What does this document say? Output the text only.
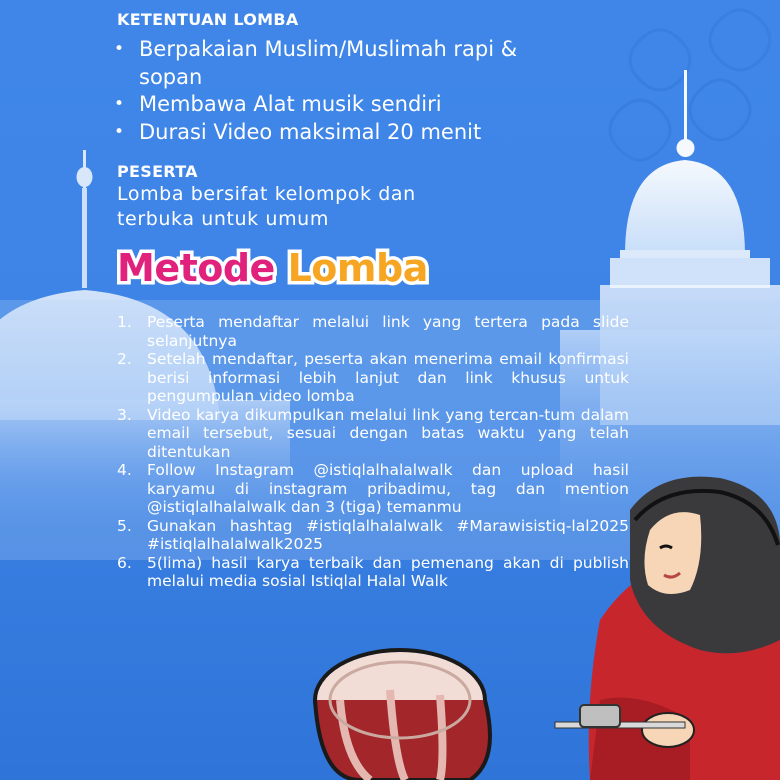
KETENTUAN LOMBA
• Berpakaian Muslim/Muslimah rapi & sopan
• Membawa Alat musik sendiri
• Durasi Video maksimal 20 menit
PESERTA
Lomba bersifat kelompok dan terbuka untuk umum
Metode Lomba
1. Peserta mendaftar melalui link yang tertera pada slide selanjutnya
2. Setelah mendaftar, peserta akan menerima email konfirmasi berisi informasi lebih lanjut dan link khusus untuk pengumpulan video lomba
3. Video karya dikumpulkan melalui link yang tercan-tum dalam email tersebut, sesuai dengan batas waktu yang telah ditentukan
4. Follow Instagram @istiqlalhalalwalk dan upload hasil karyamu di instagram pribadimu, tag dan mention @istiqlalhalalwalk dan 3 (tiga) temanmu
5. Gunakan hashtag #istiqlalhalalwalk #Marawisistiq-lal2025 #istiqlalhalalwalk2025
6. 5(lima) hasil karya terbaik dan pemenang akan di publish melalui media sosial Istiqlal Halal Walk
